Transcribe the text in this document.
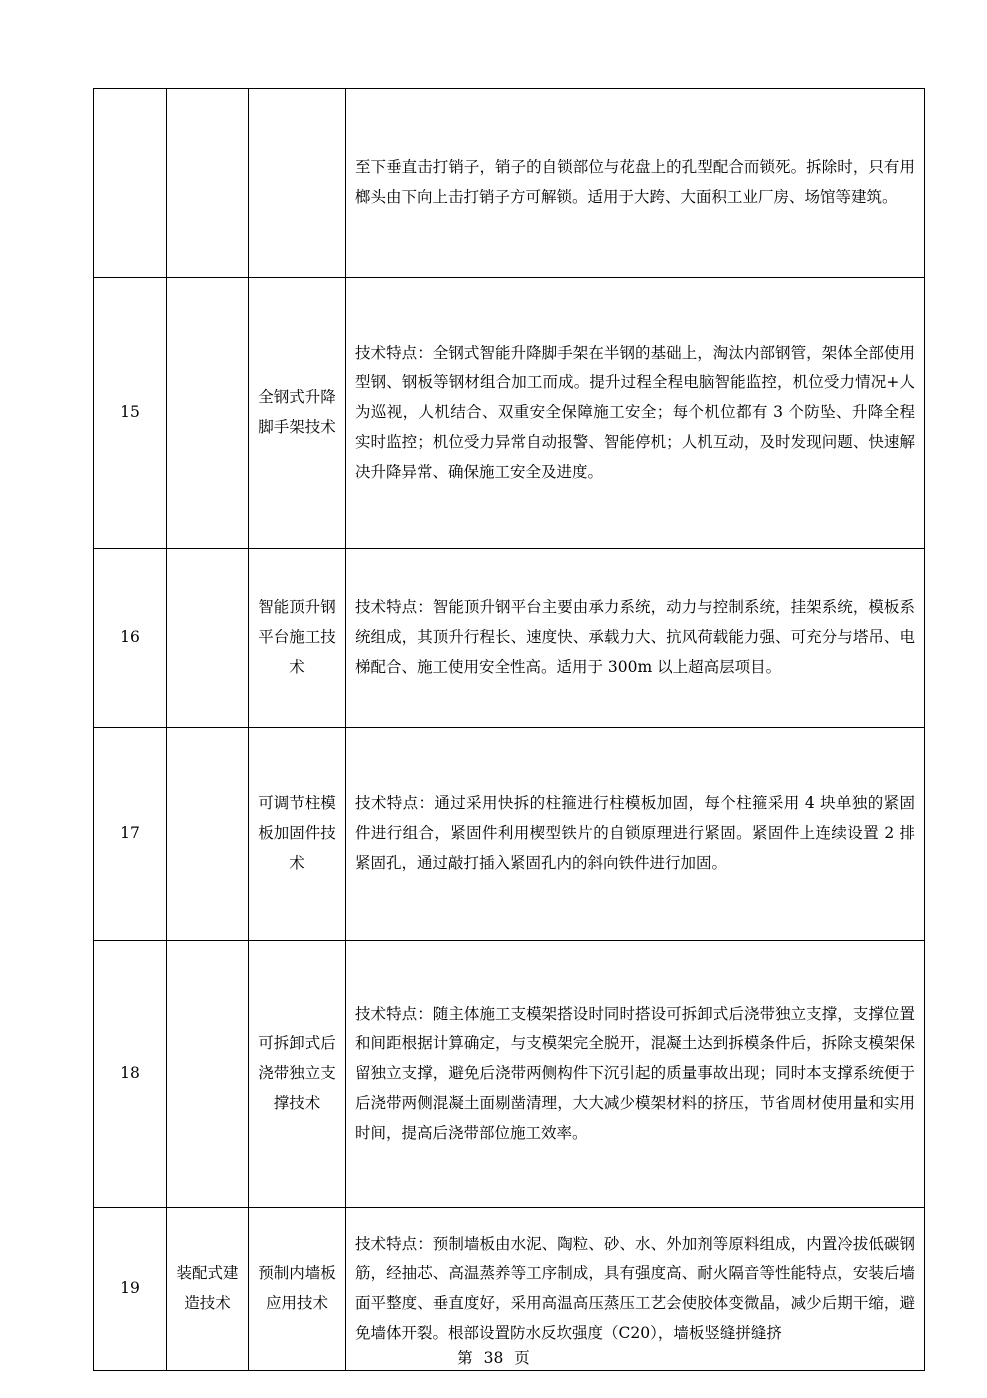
			至下垂直击打销子，销子的自锁部位与花盘上的孔型配合而锁死。拆除时，只有用榔头由下向上击打销子方可解锁。适用于大跨、大面积工业厂房、场馆等建筑。
15		全钢式升降脚手架技术	技术特点：全钢式智能升降脚手架在半钢的基础上，淘汰内部钢管，架体全部使用型钢、钢板等钢材组合加工而成。提升过程全程电脑智能监控，机位受力情况+人为巡视，人机结合、双重安全保障施工安全；每个机位都有 3 个防坠、升降全程实时监控；机位受力异常自动报警、智能停机；人机互动，及时发现问题、快速解决升降异常、确保施工安全及进度。
16		智能顶升钢平台施工技术	技术特点：智能顶升钢平台主要由承力系统，动力与控制系统，挂架系统，模板系统组成，其顶升行程长、速度快、承载力大、抗风荷载能力强、可充分与塔吊、电梯配合、施工使用安全性高。适用于 300m 以上超高层项目。
17		可调节柱模板加固件技术	技术特点：通过采用快拆的柱箍进行柱模板加固，每个柱箍采用 4 块单独的紧固件进行组合，紧固件利用楔型铁片的自锁原理进行紧固。紧固件上连续设置 2 排紧固孔，通过敲打插入紧固孔内的斜向铁件进行加固。
18		可拆卸式后浇带独立支撑技术	技术特点：随主体施工支模架搭设时同时搭设可拆卸式后浇带独立支撑，支撑位置和间距根据计算确定，与支模架完全脱开，混凝土达到拆模条件后，拆除支模架保留独立支撑，避免后浇带两侧构件下沉引起的质量事故出现；同时本支撑系统便于后浇带两侧混凝土面剔凿清理，大大减少模架材料的挤压，节省周材使用量和实用时间，提高后浇带部位施工效率。
19	装配式建造技术	预制内墙板应用技术	技术特点：预制墙板由水泥、陶粒、砂、水、外加剂等原料组成，内置冷拔低碳钢筋，经抽芯、高温蒸养等工序制成，具有强度高、耐火隔音等性能特点，安装后墙面平整度、垂直度好，采用高温高压蒸压工艺会使胶体变微晶，减少后期干缩，避免墙体开裂。根部设置防水反坎强度（C20），墙板竖缝拼缝挤
第 38 页
